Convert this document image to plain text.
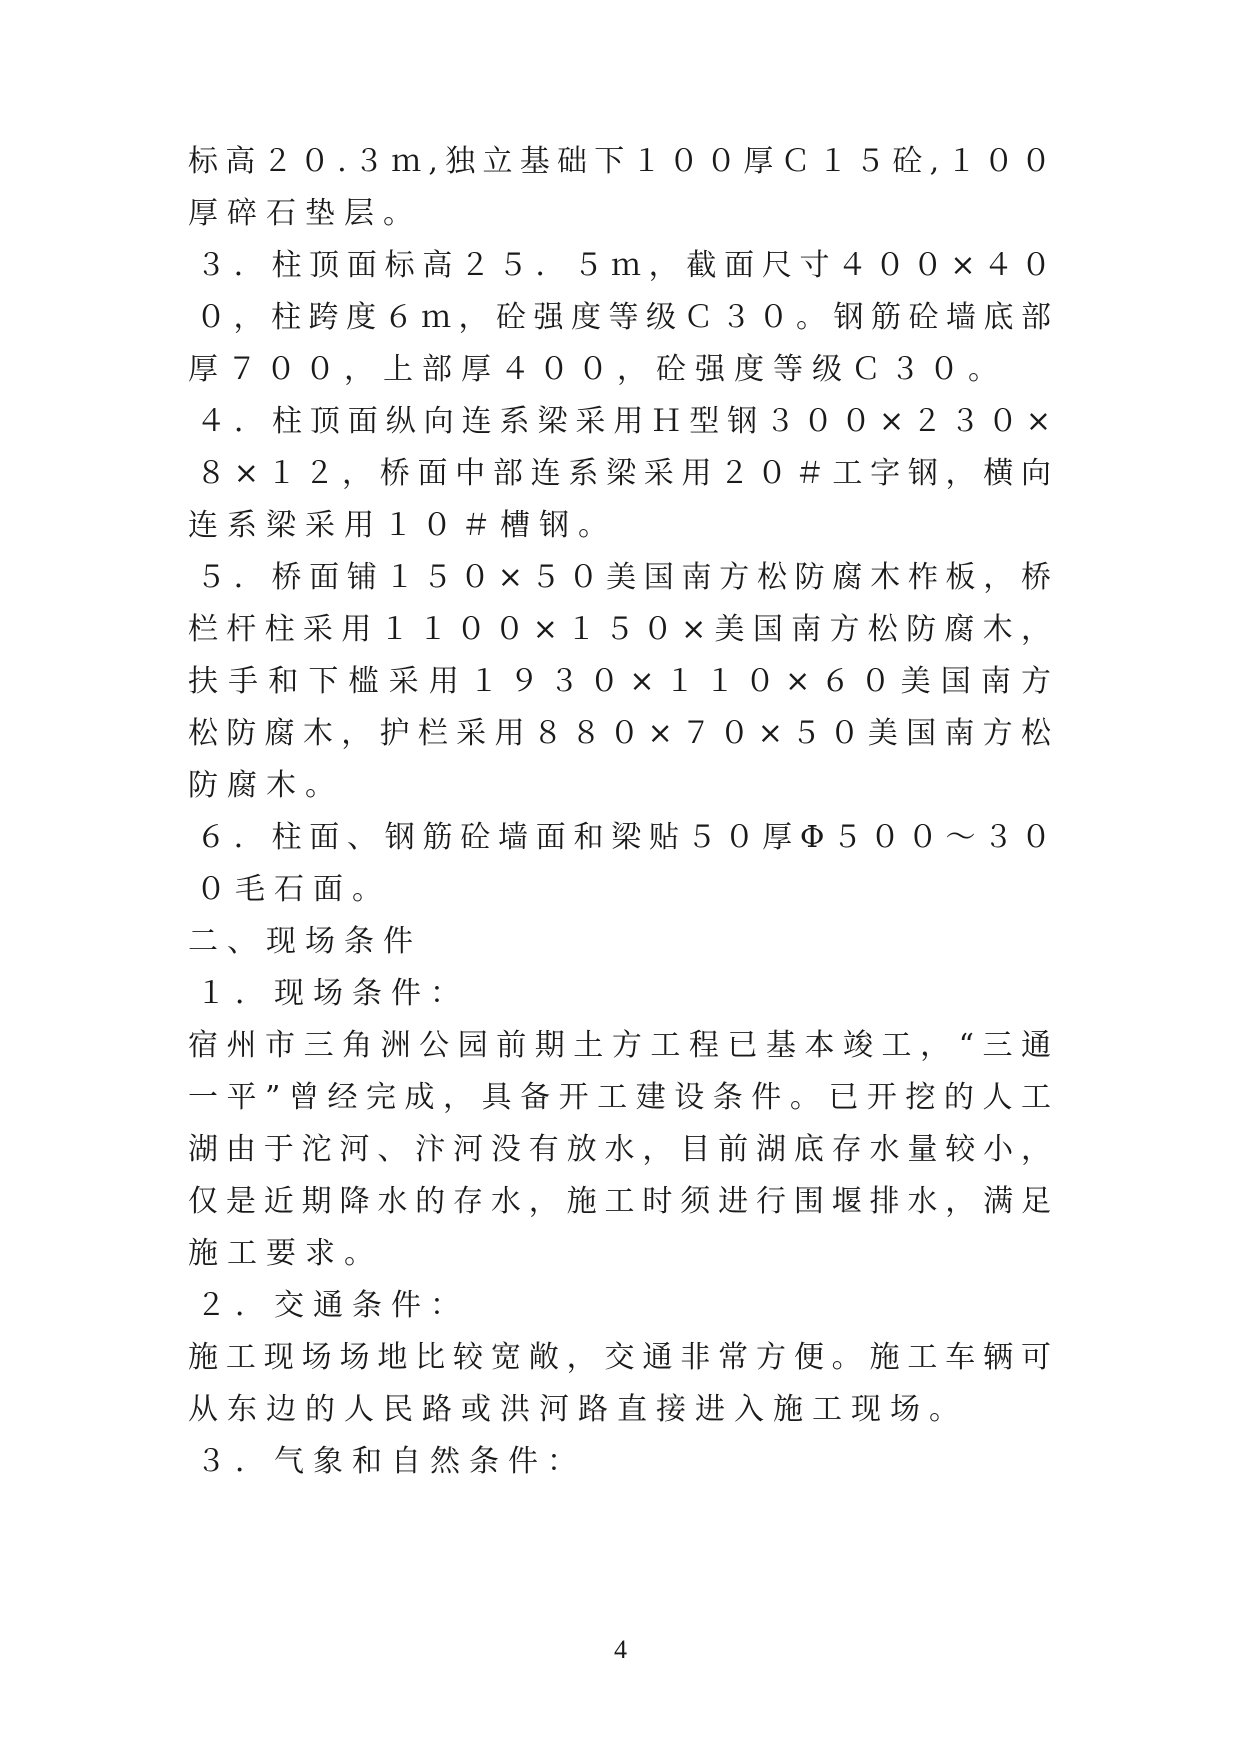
标高２０.３ｍ,独立基础下１００厚Ｃ１５砼,１００
厚碎石垫层。
３．柱顶面标高２５．５ｍ，截面尺寸４００×４０
０，柱跨度６ｍ，砼强度等级Ｃ３０。钢筋砼墙底部
厚７００，上部厚４００，砼强度等级Ｃ３０。
４．柱顶面纵向连系梁采用Ｈ型钢３００×２３０×
８×１２，桥面中部连系梁采用２０＃工字钢，横向
连系梁采用１０＃槽钢。
５．桥面铺１５０×５０美国南方松防腐木柞板，桥
栏杆柱采用１１００×１５０×美国南方松防腐木，
扶手和下槛采用１９３０×１１０×６０美国南方
松防腐木，护栏采用８８０×７０×５０美国南方松
防腐木。
６．柱面、钢筋砼墙面和梁贴５０厚Φ５００～３０
０毛石面。
二、现场条件
１．现场条件：
宿州市三角洲公园前期土方工程已基本竣工，“三通
一平”曾经完成，具备开工建设条件。已开挖的人工
湖由于沱河、汴河没有放水，目前湖底存水量较小，
仅是近期降水的存水，施工时须进行围堰排水，满足
施工要求。
２．交通条件：
施工现场场地比较宽敞，交通非常方便。施工车辆可
从东边的人民路或洪河路直接进入施工现场。
３．气象和自然条件：
4
